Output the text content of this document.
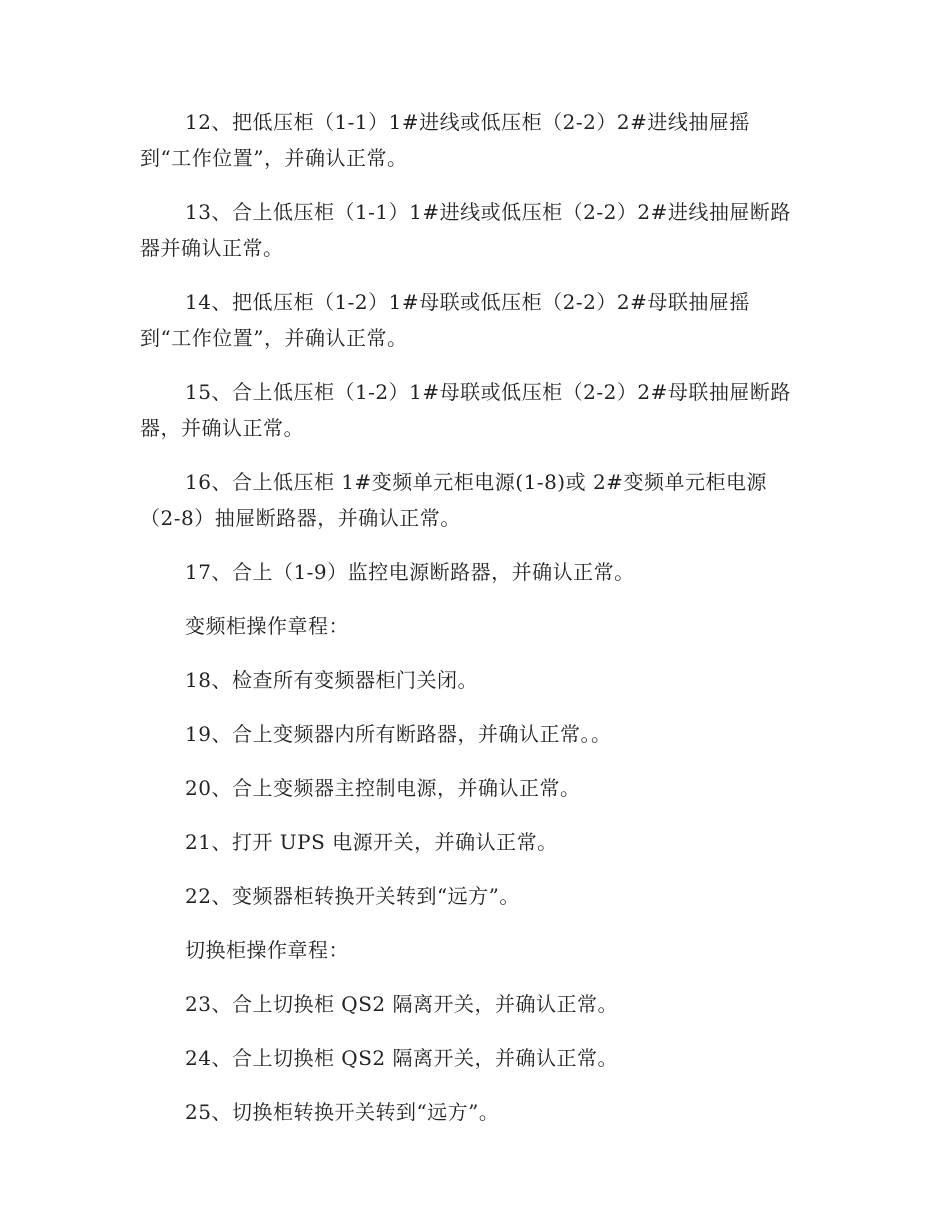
12、把低压柜（1-1）1#进线或低压柜（2-2）2#进线抽屉摇
到“工作位置”，并确认正常。

13、合上低压柜（1-1）1#进线或低压柜（2-2）2#进线抽屉断路
器并确认正常。

14、把低压柜（1-2）1#母联或低压柜（2-2）2#母联抽屉摇
到“工作位置”，并确认正常。

15、合上低压柜（1-2）1#母联或低压柜（2-2）2#母联抽屉断路
器，并确认正常。

16、合上低压柜 1#变频单元柜电源(1-8)或 2#变频单元柜电源
（2-8）抽屉断路器，并确认正常。

17、合上（1-9）监控电源断路器，并确认正常。

变频柜操作章程：

18、检查所有变频器柜门关闭。

19、合上变频器内所有断路器，并确认正常。。

20、合上变频器主控制电源，并确认正常。

21、打开 UPS 电源开关，并确认正常。

22、变频器柜转换开关转到“远方”。

切换柜操作章程：

23、合上切换柜 QS2 隔离开关，并确认正常。

24、合上切换柜 QS2 隔离开关，并确认正常。

25、切换柜转换开关转到“远方”。
